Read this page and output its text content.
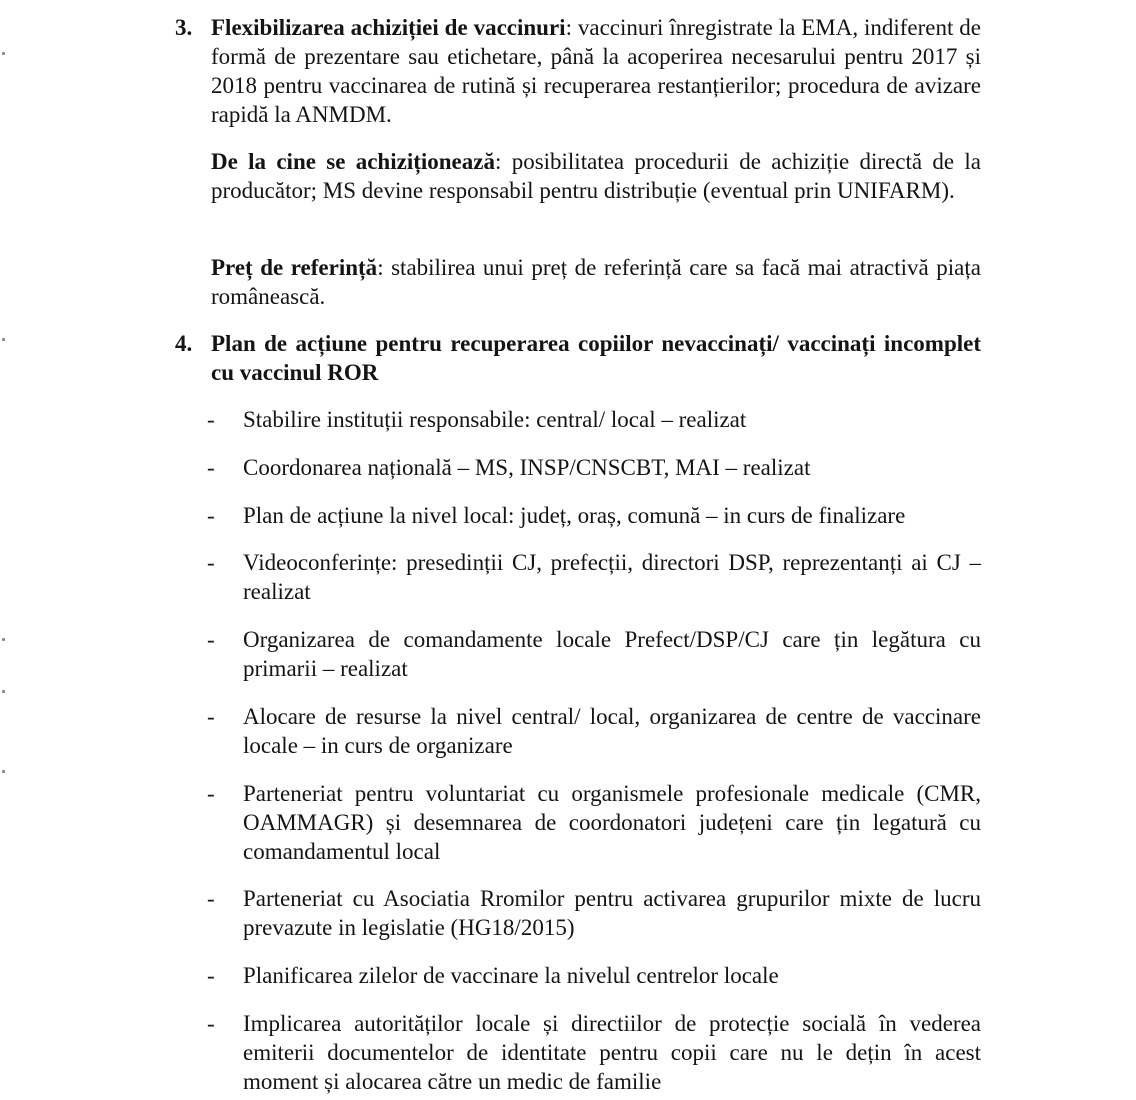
3. Flexibilizarea achiziției de vaccinuri: vaccinuri înregistrate la EMA, indiferent de formă de prezentare sau etichetare, până la acoperirea necesarului pentru 2017 și 2018 pentru vaccinarea de rutină și recuperarea restanțierilor; procedura de avizare rapidă la ANMDM.
De la cine se achiziționează: posibilitatea procedurii de achiziție directă de la producător; MS devine responsabil pentru distribuție (eventual prin UNIFARM).
Preț de referință: stabilirea unui preț de referință care sa facă mai atractivă piața românească.
4. Plan de acțiune pentru recuperarea copiilor nevaccinați/ vaccinați incomplet cu vaccinul ROR
- Stabilire instituții responsabile: central/ local – realizat
- Coordonarea națională – MS, INSP/CNSCBT, MAI – realizat
- Plan de acțiune la nivel local: județ, oraș, comună – in curs de finalizare
- Videoconferințe: presedinții CJ, prefecții, directori DSP, reprezentanți ai CJ – realizat
- Organizarea de comandamente locale Prefect/DSP/CJ care țin legătura cu primarii – realizat
- Alocare de resurse la nivel central/ local, organizarea de centre de vaccinare locale – in curs de organizare
- Parteneriat pentru voluntariat cu organismele profesionale medicale (CMR, OAMMAGR) și desemnarea de coordonatori județeni care țin legatură cu comandamentul local
- Parteneriat cu Asociatia Rromilor pentru activarea grupurilor mixte de lucru prevazute in legislatie (HG18/2015)
- Planificarea zilelor de vaccinare la nivelul centrelor locale
- Implicarea autorităților locale și directiilor de protecție socială în vederea emiterii documentelor de identitate pentru copii care nu le dețin în acest moment și alocarea către un medic de familie
